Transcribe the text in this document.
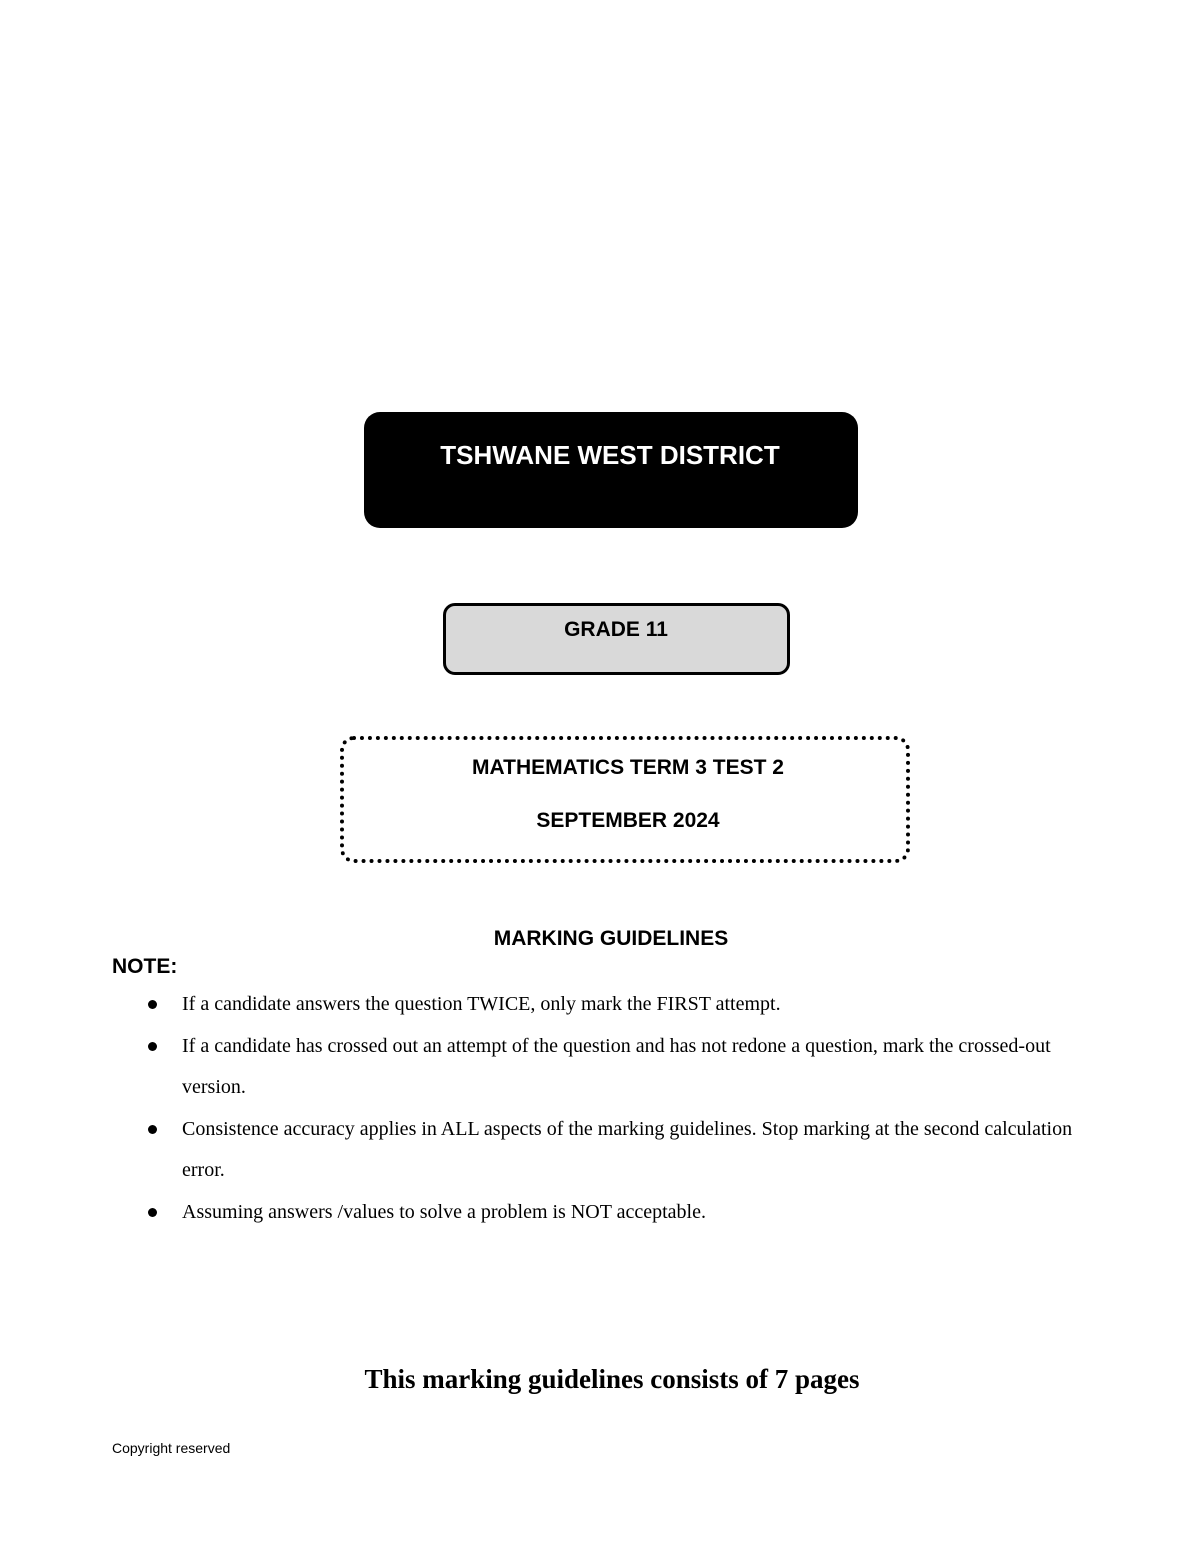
TSHWANE WEST DISTRICT
GRADE 11
MATHEMATICS TERM 3 TEST 2
SEPTEMBER 2024
MARKING GUIDELINES
NOTE:
If a candidate answers the question TWICE, only mark the FIRST attempt.
If a candidate has crossed out an attempt of the question and has not redone a question, mark the crossed-out version.
Consistence accuracy applies in ALL aspects of the marking guidelines. Stop marking at the second calculation error.
Assuming answers /values to solve a problem is NOT acceptable.
This marking guidelines consists of 7 pages
Copyright reserved
